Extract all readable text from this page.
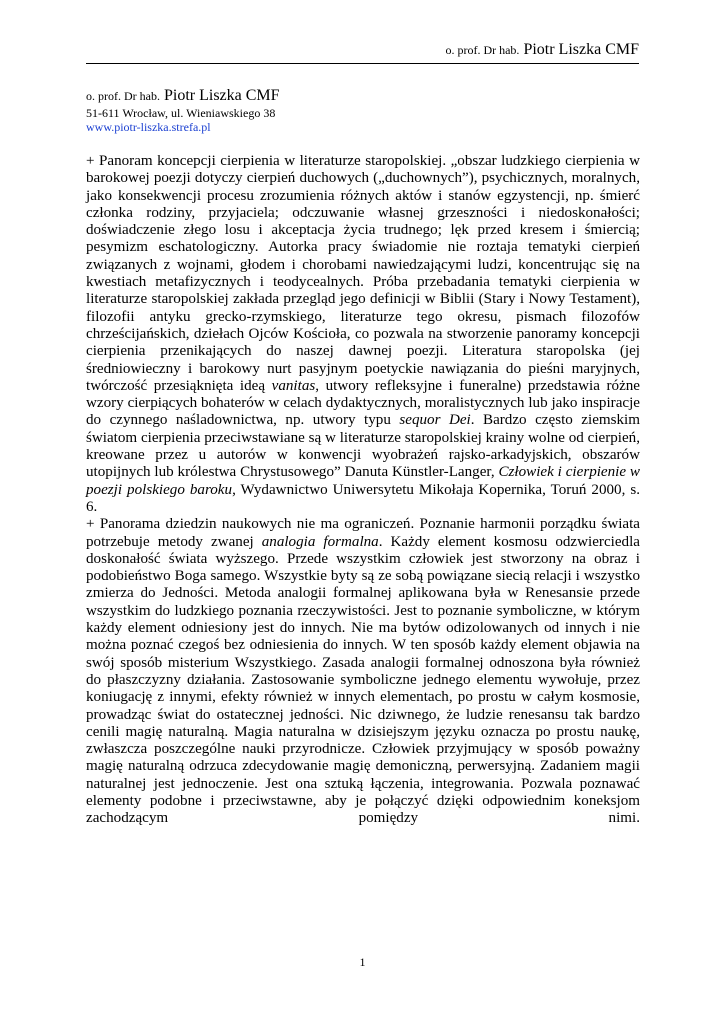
o. prof. Dr hab. Piotr Liszka CMF
o. prof. Dr hab. Piotr Liszka CMF
51-611 Wrocław, ul. Wieniawskiego 38
www.piotr-liszka.strefa.pl

+ Panoram koncepcji cierpienia w literaturze staropolskiej. „obszar ludzkiego cierpienia w barokowej poezji dotyczy cierpień duchowych („duchownych”), psychicznych, moralnych, jako konsekwencji procesu zrozumienia różnych aktów i stanów egzystencji, np. śmierć członka rodziny, przyjaciela; odczuwanie własnej grzeszności i niedoskonałości; doświadczenie złego losu i akceptacja życia trudnego; lęk przed kresem i śmiercią; pesymizm eschatologiczny. Autorka pracy świadomie nie roztaja tematyki cierpień związanych z wojnami, głodem i chorobami nawiedzającymi ludzi, koncentrując się na kwestiach metafizycznych i teodycealnych. Próba przebadania tematyki cierpienia w literaturze staropolskiej zakłada przegląd jego definicji w Biblii (Stary i Nowy Testament), filozofii antyku grecko-rzymskiego, literaturze tego okresu, pismach filozofów chrześcijańskich, dziełach Ojców Kościoła, co pozwala na stworzenie panoramy koncepcji cierpienia przenikających do naszej dawnej poezji. Literatura staropolska (jej średniowieczny i barokowy nurt pasyjnym poetyckie nawiązania do pieśni maryjnych, twórczość przesiąknięta ideą vanitas, utwory refleksyjne i funeralne) przedstawia różne wzory cierpiących bohaterów w celach dydaktycznych, moralistycznych lub jako inspiracje do czynnego naśladownictwa, np. utwory typu sequor Dei. Bardzo często ziemskim światom cierpienia przeciwstawiane są w literaturze staropolskiej krainy wolne od cierpień, kreowane przez u autorów w konwencji wyobrażeń rajsko-arkadyjskich, obszarów utopijnych lub królestwa Chrystusowego” Danuta Künstler-Langer, Człowiek i cierpienie w poezji polskiego baroku, Wydawnictwo Uniwersytetu Mikołaja Kopernika, Toruń 2000, s. 6.

+ Panorama dziedzin naukowych nie ma ograniczeń. Poznanie harmonii porządku świata potrzebuje metody zwanej analogia formalna. Każdy element kosmosu odzwierciedla doskonałość świata wyższego. Przede wszystkim człowiek jest stworzony na obraz i podobieństwo Boga samego. Wszystkie byty są ze sobą powiązane siecią relacji i wszystko zmierza do Jedności. Metoda analogii formalnej aplikowana była w Renesansie przede wszystkim do ludzkiego poznania rzeczywistości. Jest to poznanie symboliczne, w którym każdy element odniesiony jest do innych. Nie ma bytów odizolowanych od innych i nie można poznać czegoś bez odniesienia do innych. W ten sposób każdy element objawia na swój sposób misterium Wszystkiego. Zasada analogii formalnej odnoszona była również do płaszczyzny działania. Zastosowanie symboliczne jednego elementu wywołuje, przez koniugację z innymi, efekty również w innych elementach, po prostu w całym kosmosie, prowadząc świat do ostatecznej jedności. Nic dziwnego, że ludzie renesansu tak bardzo cenili magię naturalną. Magia naturalna w dzisiejszym języku oznacza po prostu naukę, zwłaszcza poszczególne nauki przyrodnicze. Człowiek przyjmujący w sposób poważny magię naturalną odrzuca zdecydowanie magię demoniczną, perwersyjną. Zadaniem magii naturalnej jest jednoczenie. Jest ona sztuką łączenia, integrowania. Pozwala poznawać elementy podobne i przeciwstawne, aby je połączyć dzięki odpowiednim koneksjom zachodzącym pomiędzy nimi.

1
